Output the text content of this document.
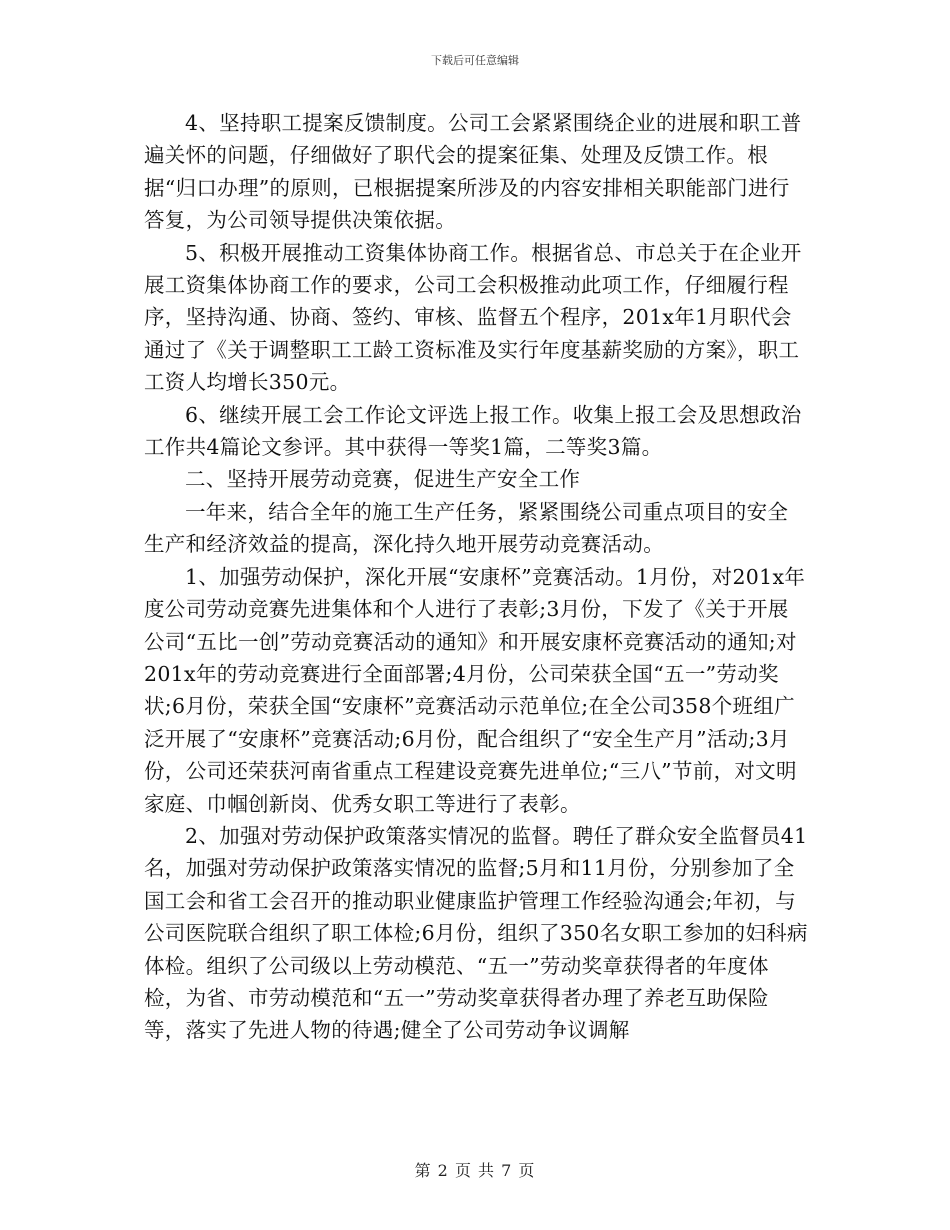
下载后可任意编辑

4、坚持职工提案反馈制度。公司工会紧紧围绕企业的进展和职工普遍关怀的问题，仔细做好了职代会的提案征集、处理及反馈工作。根据“归口办理”的原则，已根据提案所涉及的内容安排相关职能部门进行答复，为公司领导提供决策依据。

5、积极开展推动工资集体协商工作。根据省总、市总关于在企业开展工资集体协商工作的要求，公司工会积极推动此项工作，仔细履行程序，坚持沟通、协商、签约、审核、监督五个程序，201x年1月职代会通过了《关于调整职工工龄工资标准及实行年度基薪奖励的方案》，职工工资人均增长350元。

6、继续开展工会工作论文评选上报工作。收集上报工会及思想政治工作共4篇论文参评。其中获得一等奖1篇，二等奖3篇。

二、坚持开展劳动竞赛，促进生产安全工作

一年来，结合全年的施工生产任务，紧紧围绕公司重点项目的安全生产和经济效益的提高，深化持久地开展劳动竞赛活动。

1、加强劳动保护，深化开展“安康杯”竞赛活动。1月份，对201x年度公司劳动竞赛先进集体和个人进行了表彰;3月份，下发了《关于开展公司“五比一创”劳动竞赛活动的通知》和开展安康杯竞赛活动的通知;对201x年的劳动竞赛进行全面部署;4月份，公司荣获全国“五一”劳动奖状;6月份，荣获全国“安康杯”竞赛活动示范单位;在全公司358个班组广泛开展了“安康杯”竞赛活动;6月份，配合组织了“安全生产月”活动;3月份，公司还荣获河南省重点工程建设竞赛先进单位;“三八”节前，对文明家庭、巾帼创新岗、优秀女职工等进行了表彰。

2、加强对劳动保护政策落实情况的监督。聘任了群众安全监督员41名，加强对劳动保护政策落实情况的监督;5月和11月份，分别参加了全国工会和省工会召开的推动职业健康监护管理工作经验沟通会;年初，与公司医院联合组织了职工体检;6月份，组织了350名女职工参加的妇科病体检。组织了公司级以上劳动模范、“五一”劳动奖章获得者的年度体检，为省、市劳动模范和“五一”劳动奖章获得者办理了养老互助保险等，落实了先进人物的待遇;健全了公司劳动争议调解

第 2 页 共 7 页
